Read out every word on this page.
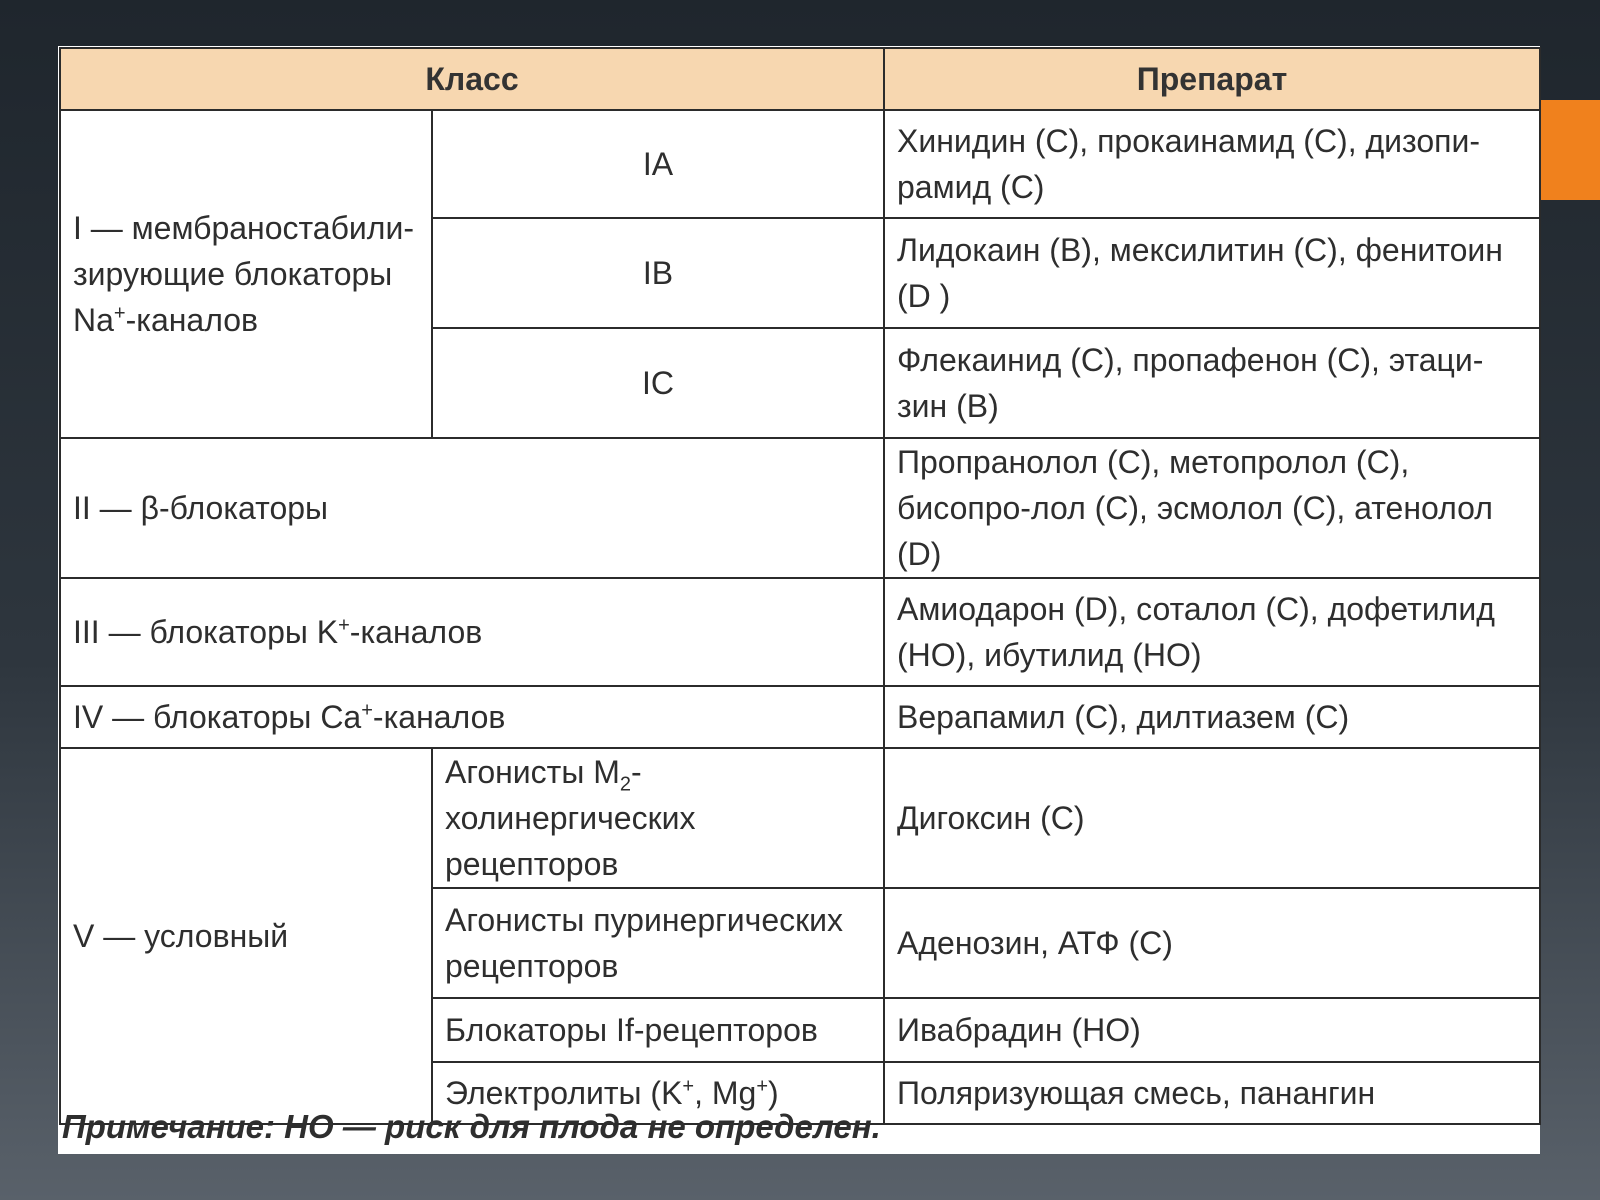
Класс		Препарат
I — мембраностабили-зирующие блокаторы Na+-каналов	IA	Хинидин (С), прокаинамид (С), дизопи-рамид (С)
	IB	Лидокаин (В), мексилитин (С), фенитоин (D )
	IC	Флекаинид (С), пропафенон (С), этаци-зин (В)
II — β-блокаторы		Пропранолол (С), метопролол (С), бисопро-лол (С), эсмолол (С), атенолол (D)
III — блокаторы K+-каналов		Амиодарон (D), соталол (С), дофетилид (НО), ибутилид (НО)
IV — блокаторы Ca+-каналов		Верапамил (С), дилтиазем (С)
V — условный	Агонисты $M_2$-холинергических рецепторов	Дигоксин (С)
	Агонисты пуринергических рецепторов	Аденозин, АТФ (С)
	Блокаторы If-рецепторов	Ивабрадин (НО)
	Электролиты (K+, Mg+)	Поляризующая смесь, панангин
Примечание: НО — риск для плода не определен.
